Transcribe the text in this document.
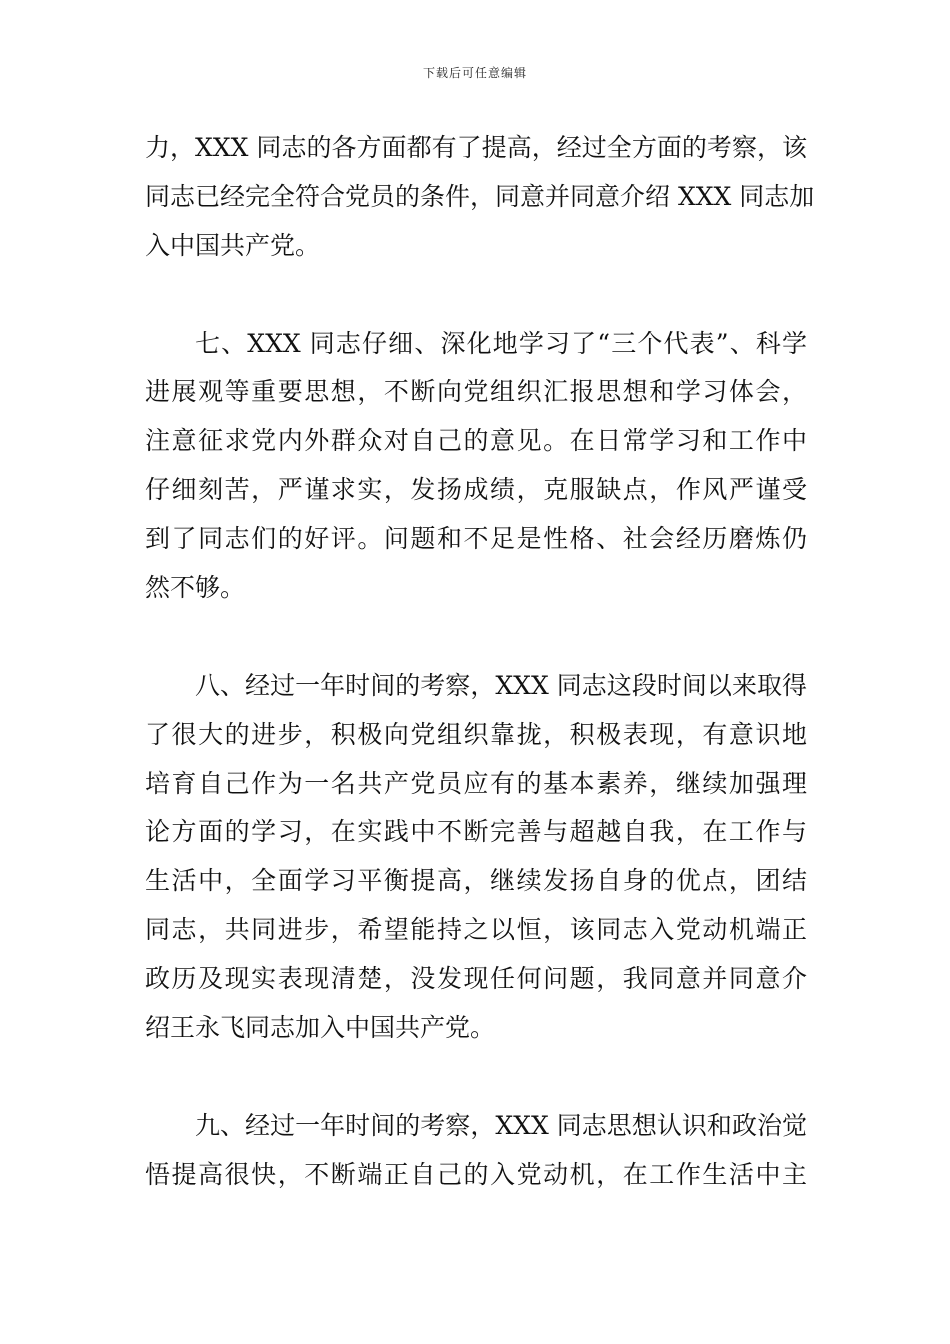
下载后可任意编辑
力，XXX 同志的各方面都有了提高，经过全方面的考察，该
同志已经完全符合党员的条件，同意并同意介绍 XXX 同志加
入中国共产党。
七、XXX 同志仔细、深化地学习了“三个代表”、科学
进展观等重要思想，不断向党组织汇报思想和学习体会，
注意征求党内外群众对自己的意见。在日常学习和工作中
仔细刻苦，严谨求实，发扬成绩，克服缺点，作风严谨受
到了同志们的好评。问题和不足是性格、社会经历磨炼仍
然不够。
八、经过一年时间的考察，XXX 同志这段时间以来取得
了很大的进步，积极向党组织靠拢，积极表现，有意识地
培育自己作为一名共产党员应有的基本素养，继续加强理
论方面的学习，在实践中不断完善与超越自我，在工作与
生活中，全面学习平衡提高，继续发扬自身的优点，团结
同志，共同进步，希望能持之以恒，该同志入党动机端正
政历及现实表现清楚，没发现任何问题，我同意并同意介
绍王永飞同志加入中国共产党。
九、经过一年时间的考察，XXX 同志思想认识和政治觉
悟提高很快，不断端正自己的入党动机，在工作生活中主
